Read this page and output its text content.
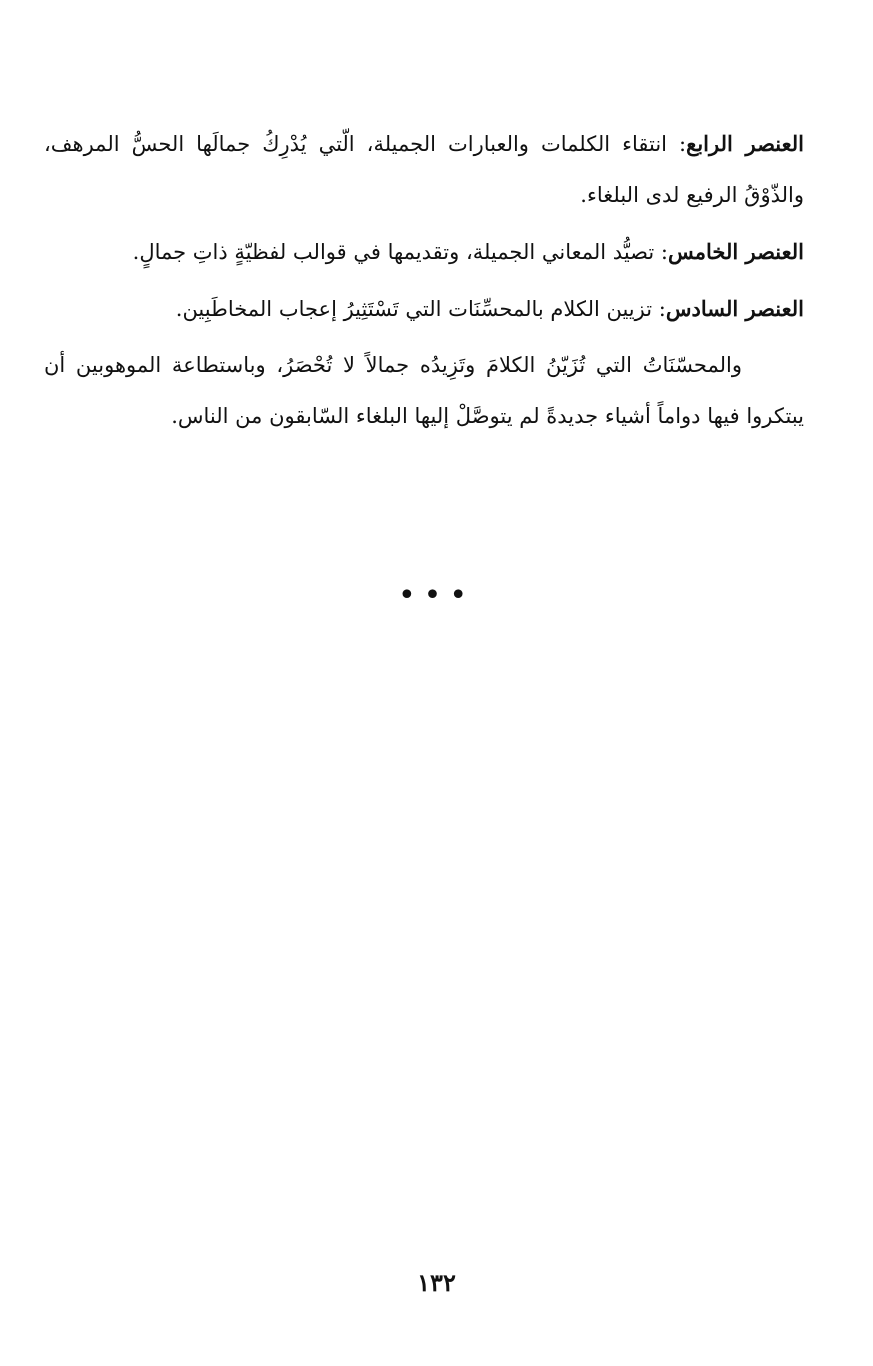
العنصر الرابع: انتقاء الكلمات والعبارات الجميلة، الّتي يُدْرِكُ جمالَها الحسُّ المرهف، والذّوْقُ الرفيع لدى البلغاء.

العنصر الخامس: تصيُّد المعاني الجميلة، وتقديمها في قوالب لفظيّةٍ ذاتِ جمالٍ.

العنصر السادس: تزيين الكلام بالمحسِّنَات التي تَسْتَثِيرُ إعجاب المخاطَبِين.

والمحسّنَاتُ التي تُزَيّنُ الكلامَ وتَزِيدُه جمالاً لا تُحْصَرُ، وباستطاعة الموهوبين أن يبتكروا فيها دواماً أشياء جديدةً لم يتوصَّلْ إليها البلغاء السّابقون من الناس.

•••
١٣٢
